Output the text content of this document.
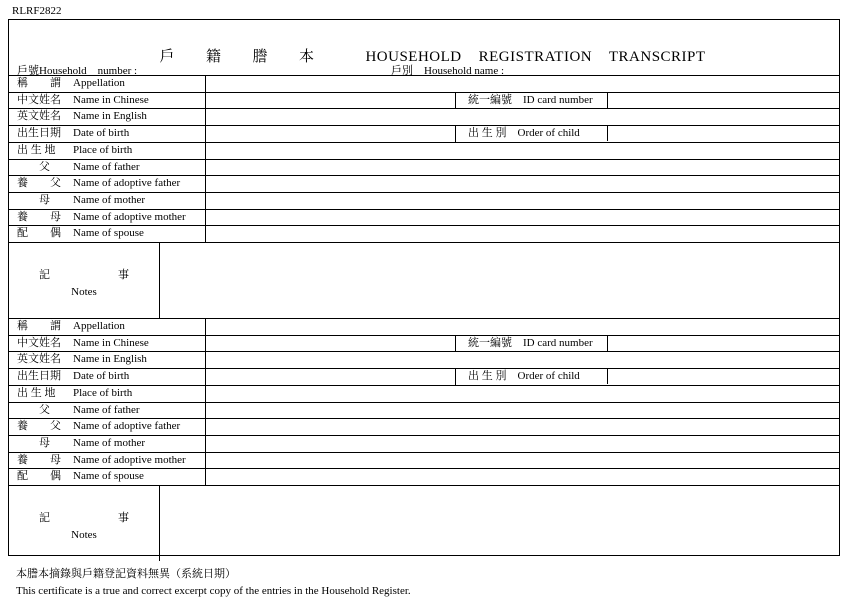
RLRF2822

戶　　籍　　謄　　本	HOUSEHOLD    REGISTRATION    TRANSCRIPT

戶號Household    number :	戶別    Household name :
稱　　謂 Appellation
中文姓名 Name in Chinese
英文姓名 Name in English
出生日期 Date of birth
出 生 地 Place of birth
　　父 Name of father
養　　父 Name of adoptive father
　　母 Name of mother
養　　母 Name of adoptive mother
配　　偶 Name of spouse
統一編號    ID card number
出 生 別    Order of child
記	事
Notes
稱　　謂 Appellation
中文姓名 Name in Chinese
英文姓名 Name in English
出生日期 Date of birth
出 生 地 Place of birth
　　父 Name of father
養　　父 Name of adoptive father
　　母 Name of mother
養　　母 Name of adoptive mother
配　　偶 Name of spouse
統一編號    ID card number
出 生 別    Order of child
記	事
Notes
本謄本摘錄與戶籍登記資料無異（系統日期）
This certificate is a true and correct excerpt copy of the entries in the Household Register.
